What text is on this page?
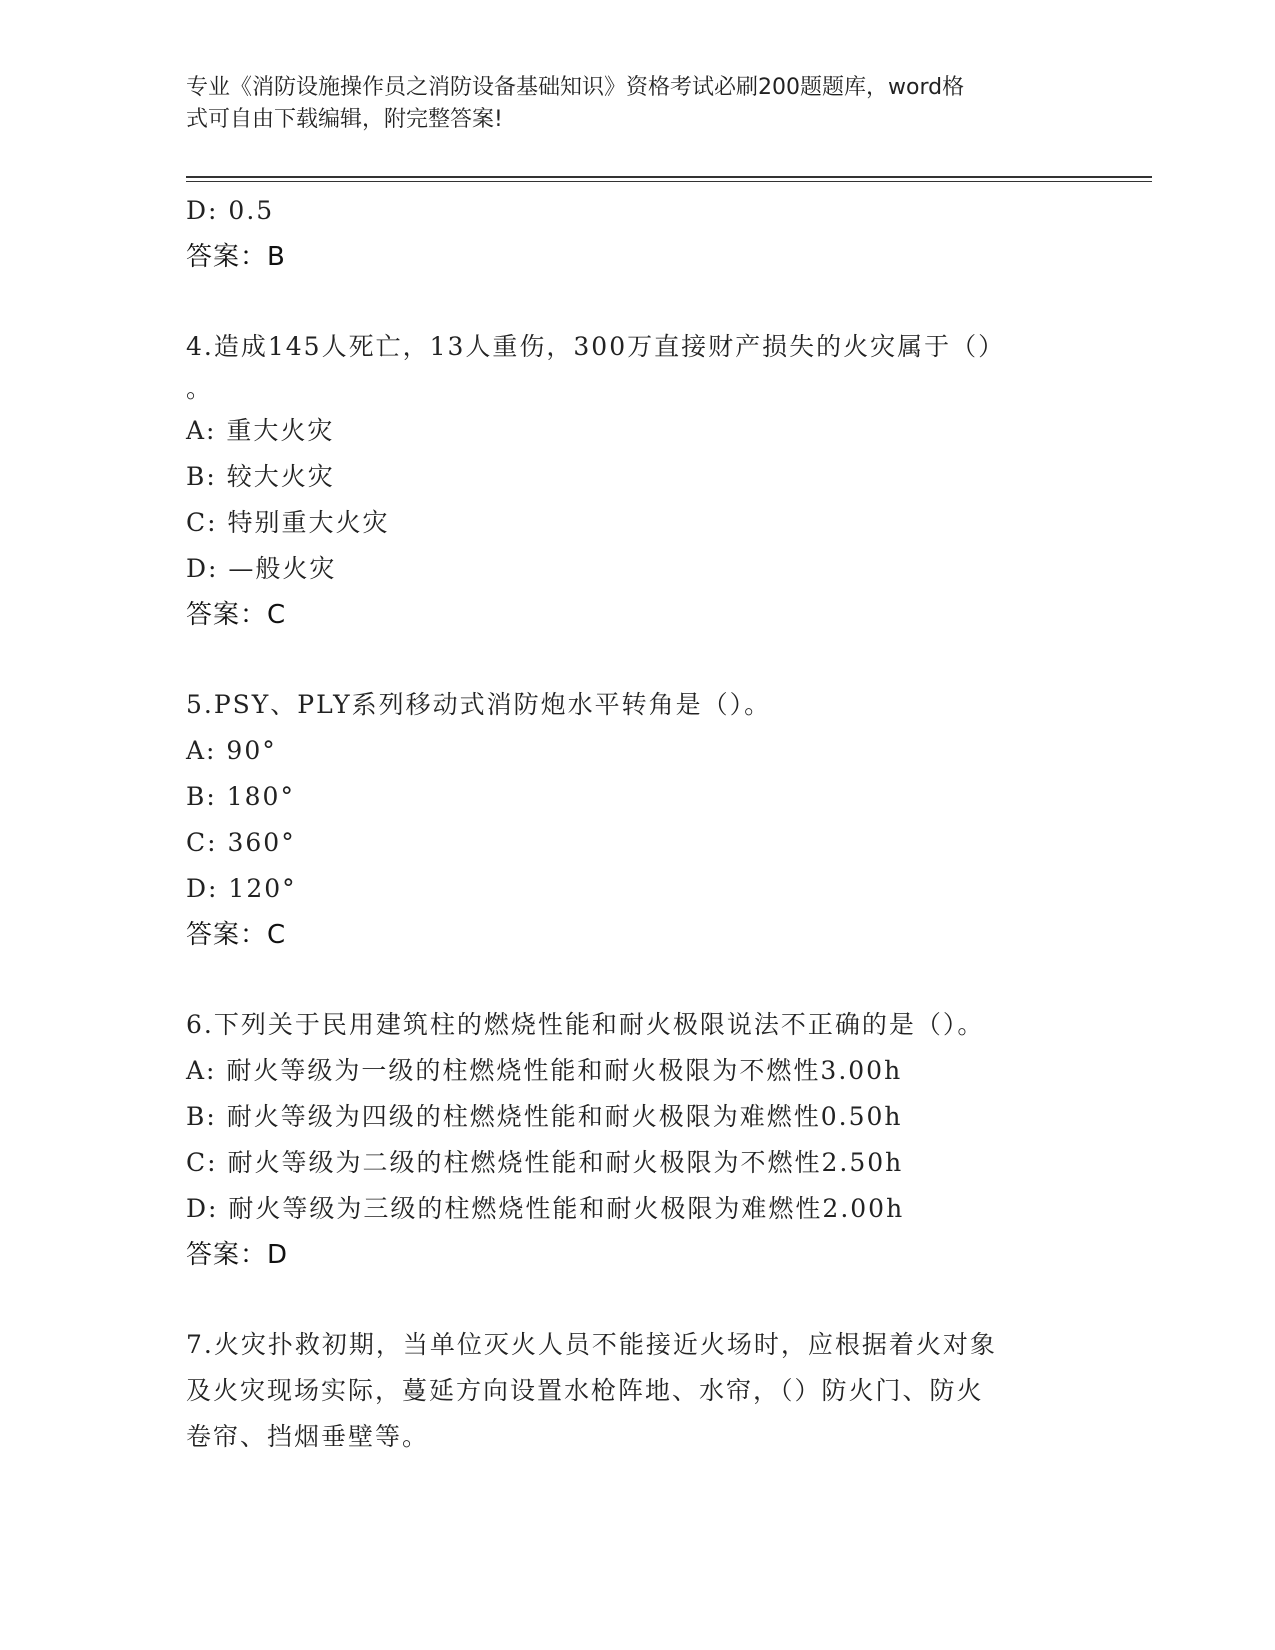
专业《消防设施操作员之消防设备基础知识》资格考试必刷200题题库，word格
式可自由下载编辑，附完整答案!
D: 0.5
答案：B
4.造成145人死亡，13人重伤，300万直接财产损失的火灾属于（）
。
A: 重大火灾
B: 较大火灾
C: 特别重大火灾
D: —般火灾
答案：C
5.PSY、PLY系列移动式消防炮水平转角是（）。
A: 90°
B: 180°
C: 360°
D: 120°
答案：C
6.下列关于民用建筑柱的燃烧性能和耐火极限说法不正确的是（）。
A: 耐火等级为一级的柱燃烧性能和耐火极限为不燃性3.00h
B: 耐火等级为四级的柱燃烧性能和耐火极限为难燃性0.50h
C: 耐火等级为二级的柱燃烧性能和耐火极限为不燃性2.50h
D: 耐火等级为三级的柱燃烧性能和耐火极限为难燃性2.00h
答案：D
7.火灾扑救初期，当单位灭火人员不能接近火场时，应根据着火对象
及火灾现场实际，蔓延方向设置水枪阵地、水帘，（）防火门、防火
卷帘、挡烟垂壁等。
